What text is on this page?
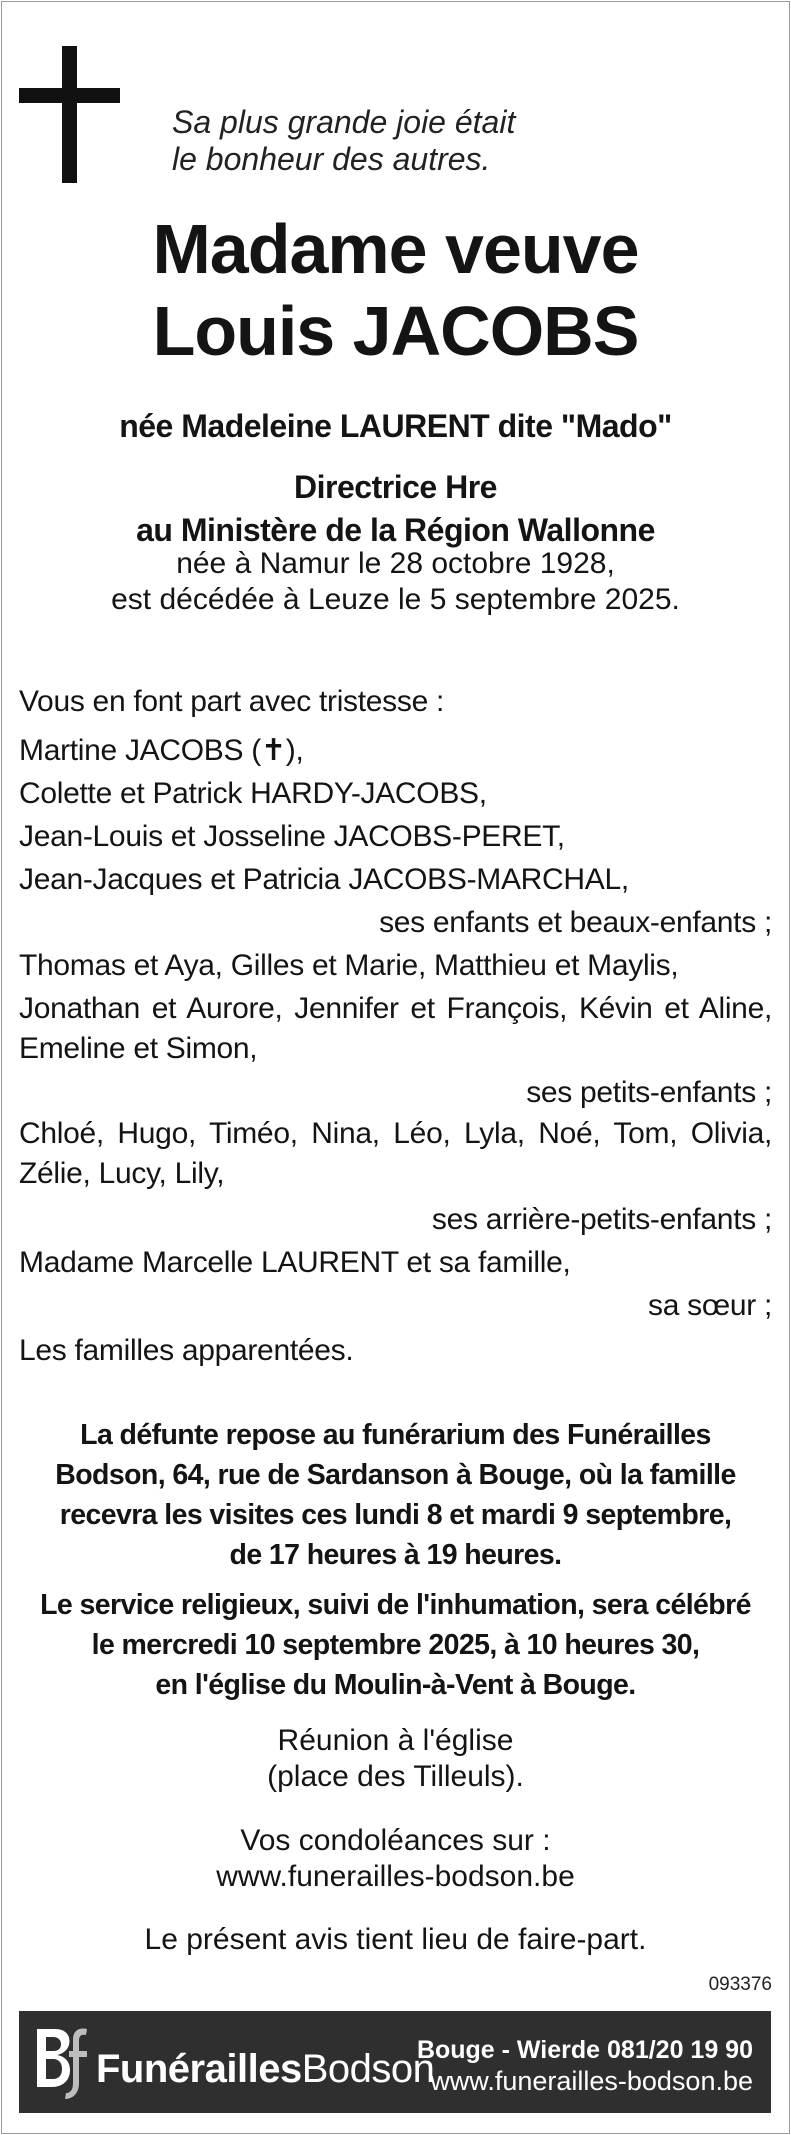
Sa plus grande joie était
le bonheur des autres.
Madame veuve
Louis JACOBS
née Madeleine LAURENT dite "Mado"
Directrice Hre
au Ministère de la Région Wallonne
née à Namur le 28 octobre 1928,
est décédée à Leuze le 5 septembre 2025.
Vous en font part avec tristesse :
Martine JACOBS (✝),
Colette et Patrick HARDY-JACOBS,
Jean-Louis et Josseline JACOBS-PERET,
Jean-Jacques et Patricia JACOBS-MARCHAL,
ses enfants et beaux-enfants ;
Thomas et Aya, Gilles et Marie, Matthieu et Maylis,
Jonathan et Aurore, Jennifer et François, Kévin et Aline, Emeline et Simon,
ses petits-enfants ;
Chloé, Hugo, Timéo, Nina, Léo, Lyla, Noé, Tom, Olivia, Zélie, Lucy, Lily,
ses arrière-petits-enfants ;
Madame Marcelle LAURENT et sa famille,
sa sœur ;
Les familles apparentées.
La défunte repose au funérarium des Funérailles
Bodson, 64, rue de Sardanson à Bouge, où la famille
recevra les visites ces lundi 8 et mardi 9 septembre,
de 17 heures à 19 heures.
Le service religieux, suivi de l'inhumation, sera célébré
le mercredi 10 septembre 2025, à 10 heures 30,
en l'église du Moulin-à-Vent à Bouge.
Réunion à l'église
(place des Tilleuls).
Vos condoléances sur :
www.funerailles-bodson.be
Le présent avis tient lieu de faire-part.
093376
FunéraillesBodson
Bouge - Wierde 081/20 19 90
www.funerailles-bodson.be
